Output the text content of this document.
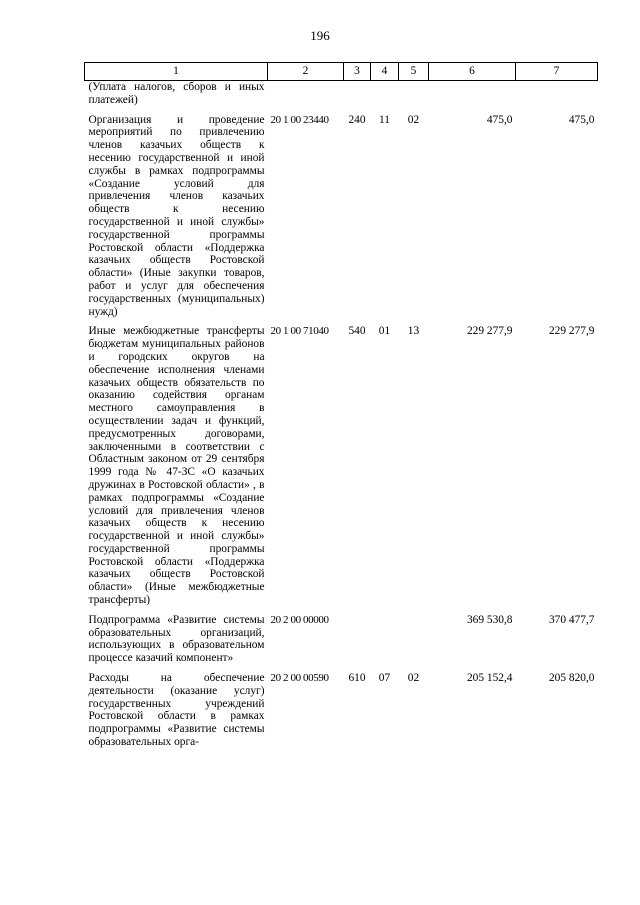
196
1	2	3	4	5	6	7
(Уплата налогов, сборов и иных платежей)						
Организация и проведение мероприятий по привлечению членов казачьих обществ к несению государственной и иной службы в рамках подпрограммы «Создание условий для привлечения членов казачьих обществ к несению государственной и иной службы» государственной программы Ростовской области «Поддержка казачьих обществ Ростовской области» (Иные закупки товаров, работ и услуг для обеспечения государственных (муниципальных) нужд)	20 1 00 23440	240	11	02	475,0	475,0
Иные межбюджетные трансферты бюджетам муниципальных районов и городских округов на обеспечение исполнения членами казачьих обществ обязательств по оказанию содействия органам местного самоуправления в осуществлении задач и функций, предусмотренных договорами, заключенными в соответствии с Областным законом от 29 сентября 1999 года № 47-ЗС «О казачьих дружинах в Ростовской области» , в рамках подпрограммы «Создание условий для привлечения членов казачьих обществ к несению государственной и иной службы» государственной программы Ростовской области «Поддержка казачьих обществ Ростовской области» (Иные межбюджетные трансферты)	20 1 00 71040	540	01	13	229 277,9	229 277,9
Подпрограмма «Развитие системы образовательных организаций, использующих в образовательном процессе казачий компонент»	20 2 00 00000				369 530,8	370 477,7
Расходы на обеспечение деятельности (оказание услуг) государственных учреждений Ростовской области в рамках подпрограммы «Развитие системы образовательных орга-	20 2 00 00590	610	07	02	205 152,4	205 820,0
